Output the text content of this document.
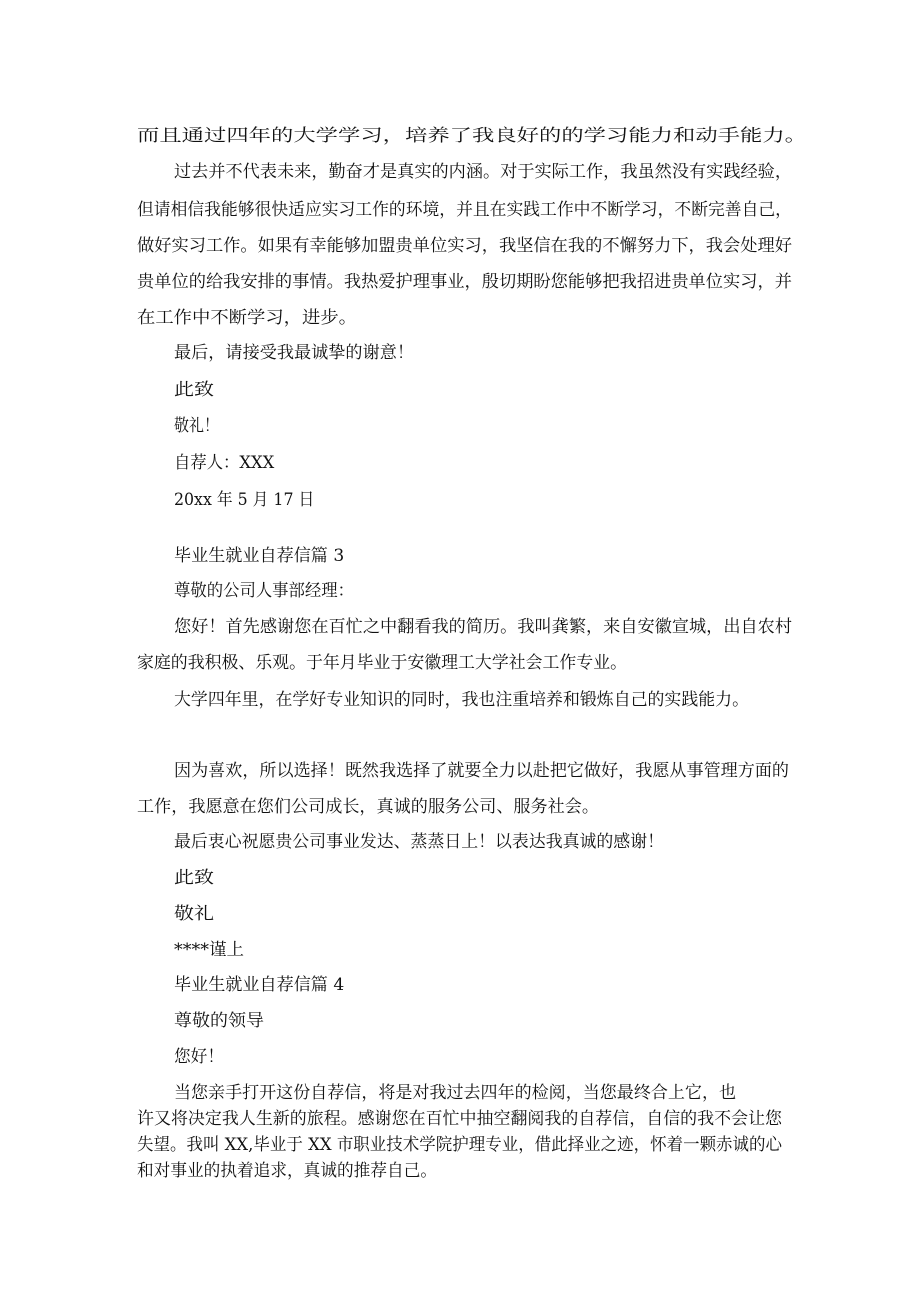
而且通过四年的大学学习，培养了我良好的的学习能力和动手能力。
过去并不代表未来，勤奋才是真实的内涵。对于实际工作，我虽然没有实践经验，
但请相信我能够很快适应实习工作的环境，并且在实践工作中不断学习，不断完善自己，
做好实习工作。如果有幸能够加盟贵单位实习，我坚信在我的不懈努力下，我会处理好
贵单位的给我安排的事情。我热爱护理事业，殷切期盼您能够把我招进贵单位实习，并
在工作中不断学习，进步。
最后，请接受我最诚挚的谢意！
此致
敬礼！
自荐人：XXX
20xx 年 5 月 17 日
毕业生就业自荐信篇 3
尊敬的公司人事部经理：
您好！首先感谢您在百忙之中翻看我的简历。我叫龚繁，来自安徽宣城，出自农村
家庭的我积极、乐观。于年月毕业于安徽理工大学社会工作专业。
大学四年里，在学好专业知识的同时，我也注重培养和锻炼自己的实践能力。
因为喜欢，所以选择！既然我选择了就要全力以赴把它做好，我愿从事管理方面的
工作，我愿意在您们公司成长，真诚的服务公司、服务社会。
最后衷心祝愿贵公司事业发达、蒸蒸日上！以表达我真诚的感谢！
此致
敬礼
****谨上
毕业生就业自荐信篇 4
尊敬的领导
您好！
当您亲手打开这份自荐信，将是对我过去四年的检阅，当您最终合上它，也
许又将决定我人生新的旅程。感谢您在百忙中抽空翻阅我的自荐信，自信的我不会让您
失望。我叫 XX,毕业于 XX 市职业技术学院护理专业，借此择业之迹，怀着一颗赤诚的心
和对事业的执着追求，真诚的推荐自己。
